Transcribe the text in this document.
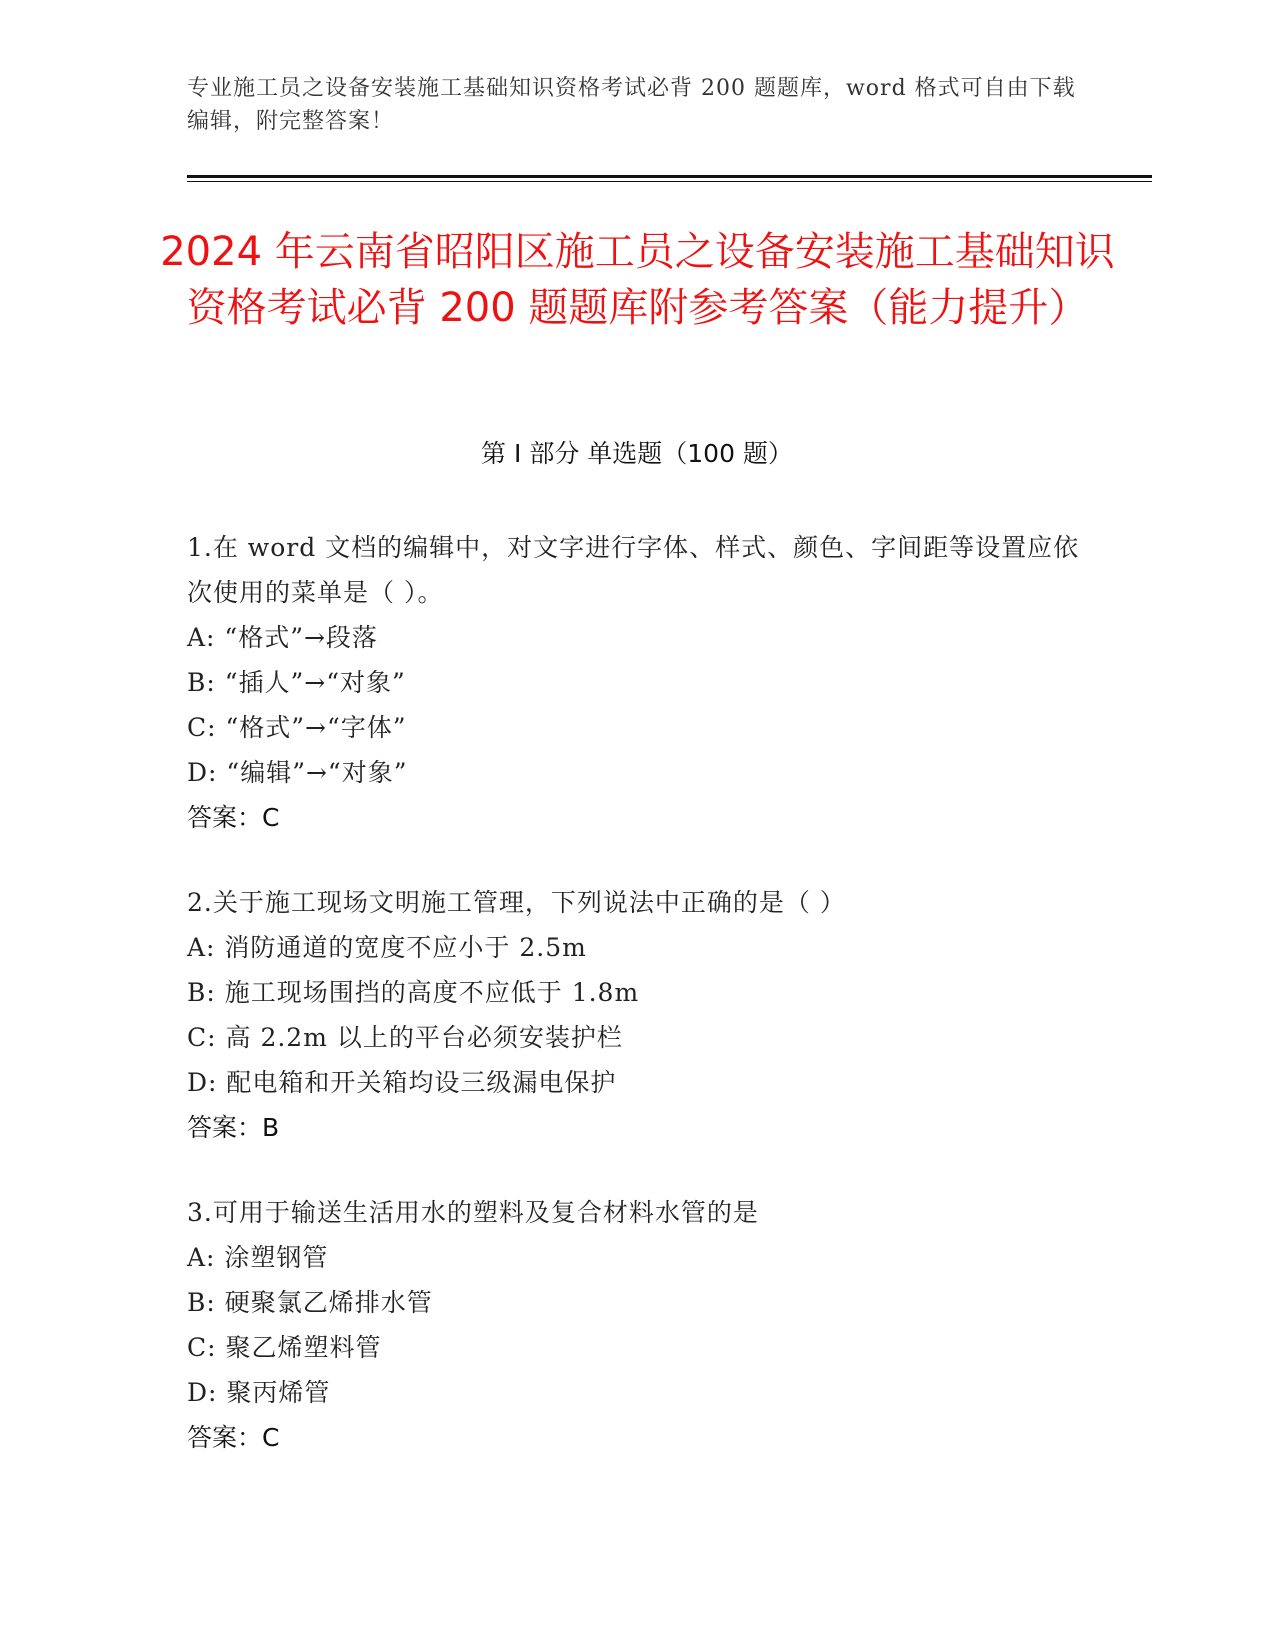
专业施工员之设备安装施工基础知识资格考试必背 200 题题库，word 格式可自由下载编辑，附完整答案！
2024 年云南省昭阳区施工员之设备安装施工基础知识资格考试必背 200 题题库附参考答案（能力提升）
第 I 部分 单选题（100 题）
1.在 word 文档的编辑中，对文字进行字体、样式、颜色、字间距等设置应依次使用的菜单是（ ）。
A: “格式”→段落
B: “插人”→“对象”
C: “格式”→“字体”
D: “编辑”→“对象”
答案：C
2.关于施工现场文明施工管理，下列说法中正确的是（ ）
A: 消防通道的宽度不应小于 2.5m
B: 施工现场围挡的高度不应低于 1.8m
C: 高 2.2m 以上的平台必须安装护栏
D: 配电箱和开关箱均设三级漏电保护
答案：B
3.可用于输送生活用水的塑料及复合材料水管的是
A: 涂塑钢管
B: 硬聚氯乙烯排水管
C: 聚乙烯塑料管
D: 聚丙烯管
答案：C
